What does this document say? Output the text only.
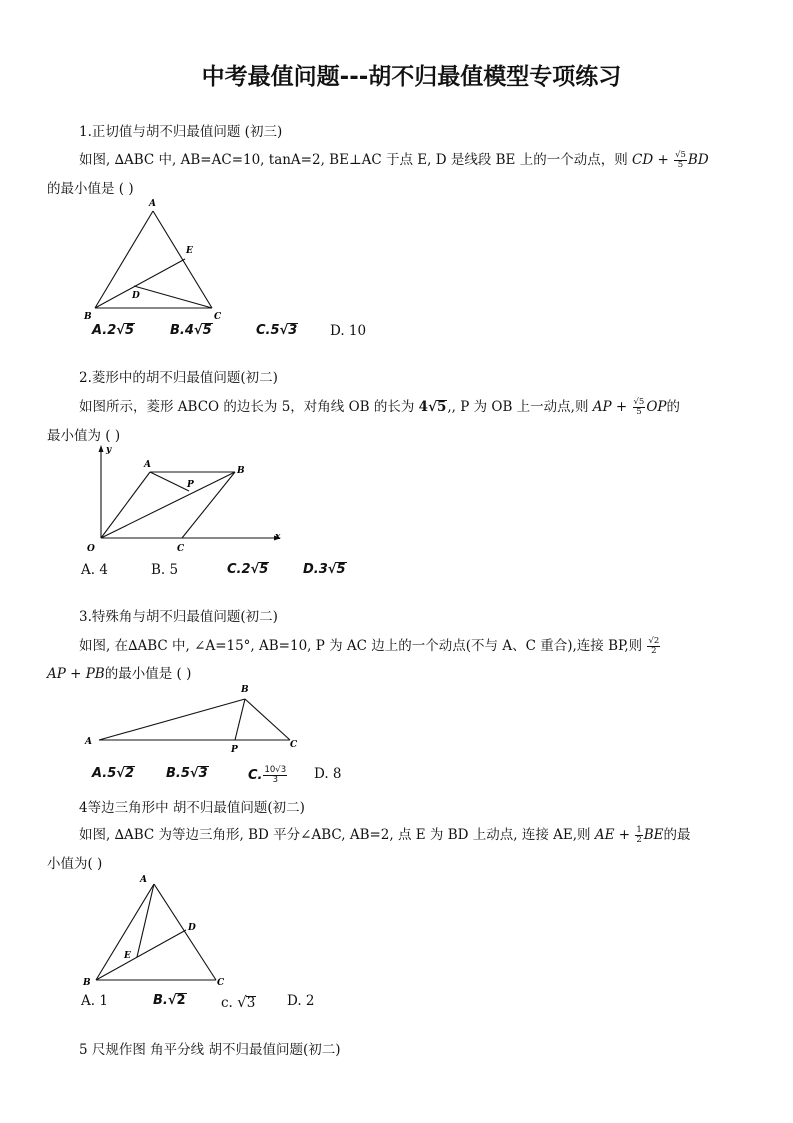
中考最值问题---胡不归最值模型专项练习
1.正切值与胡不归最值问题 (初三)
如图, ∆ABC 中, AB=AC=10, tanA=2, BE⊥AC 于点 E, D 是线段 BE 上的一个动点，则 CD + $\frac{√5}{5}$ BD
的最小值是 ( )
A
B	C
D
E
A.2√5	B.4√5	C.5√3 D. 10
2.菱形中的胡不归最值问题(初二)
如图所示，菱形 ABCO 的边长为 5，对角线 OB 的长为 4√5,, P 为 OB 上一动点,则 AP + $\frac{√5}{5}$ OP的
最小值为 ( )
A
B
P
O	C
x
y
A. 4	B. 5	C.2√5	D.3√5
3.特殊角与胡不归最值问题(初二)
如图, 在∆ABC 中, ∠A=15°, AB=10, P 为 AC 边上的一个动点(不与 A、C 重合),连接 BP,则 $\frac{√2}{2}$
AP + PB的最小值是 ( )
A
B
P	C
A.5√2 B.5√3	C. $\frac{10√3}{3} D$. 8
4等边三角形中 胡不归最值问题(初二)
如图, ∆ABC 为等边三角形, BD 平分∠ABC, AB=2, 点 E 为 BD 上动点, 连接 AE,则 AE + $\frac{1}{2}$ BE的最
小值为( )
A
D
E
B	C
A. 1	B.√2	c. √3 D. 2
5 尺规作图 角平分线 胡不归最值问题(初二)
